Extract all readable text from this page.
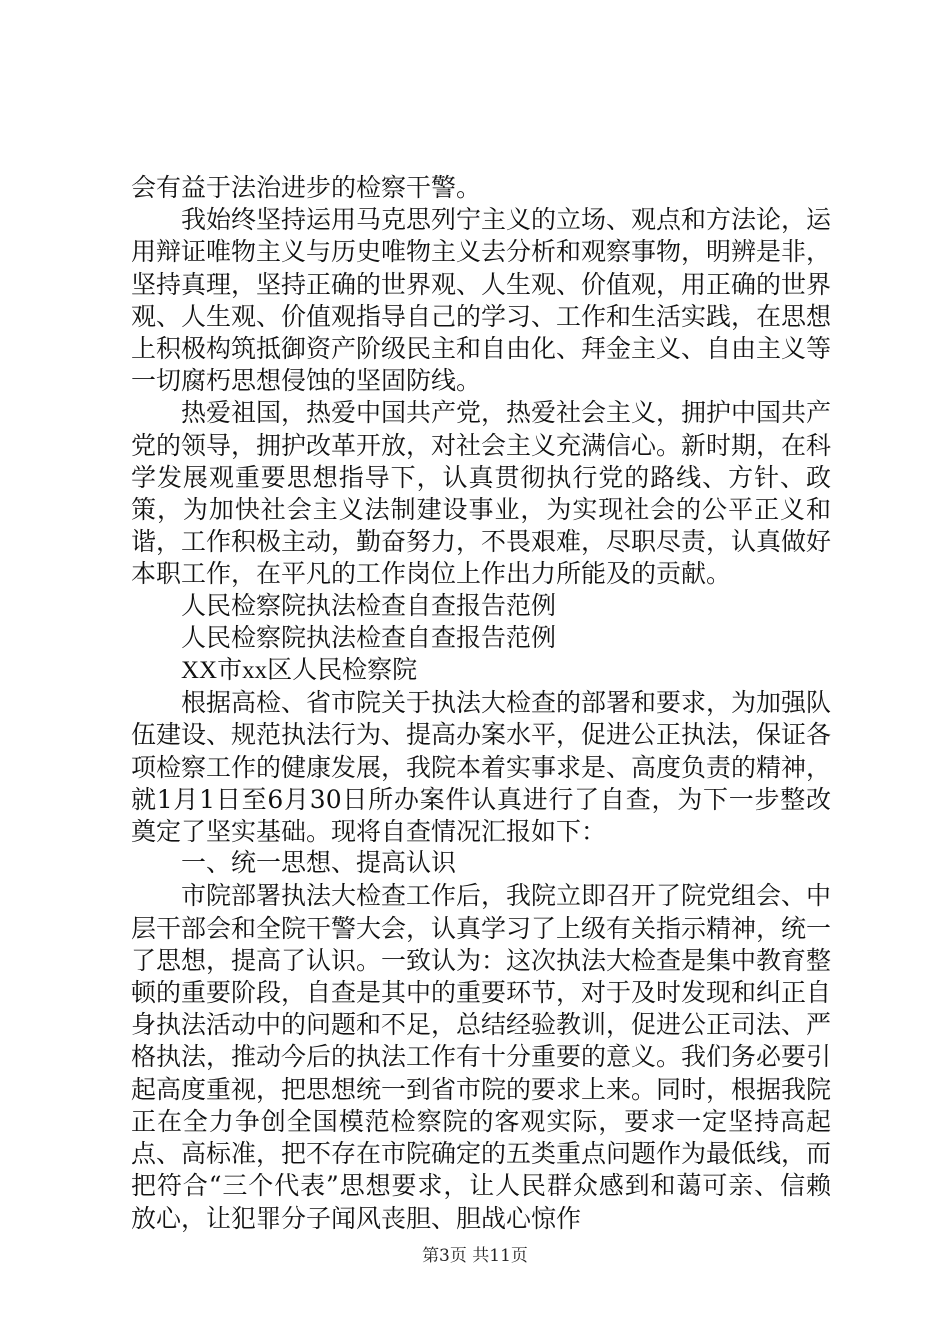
会有益于法治进步的检察干警。

我始终坚持运用马克思列宁主义的立场、观点和方法论，运用辩证唯物主义与历史唯物主义去分析和观察事物，明辨是非，坚持真理，坚持正确的世界观、人生观、价值观，用正确的世界观、人生观、价值观指导自己的学习、工作和生活实践，在思想上积极构筑抵御资产阶级民主和自由化、拜金主义、自由主义等一切腐朽思想侵蚀的坚固防线。

热爱祖国，热爱中国共产党，热爱社会主义，拥护中国共产党的领导，拥护改革开放，对社会主义充满信心。新时期，在科学发展观重要思想指导下，认真贯彻执行党的路线、方针、政策，为加快社会主义法制建设事业，为实现社会的公平正义和谐，工作积极主动，勤奋努力，不畏艰难，尽职尽责，认真做好本职工作，在平凡的工作岗位上作出力所能及的贡献。

人民检察院执法检查自查报告范例

人民检察院执法检查自查报告范例

XX市xx区人民检察院

根据高检、省市院关于执法大检查的部署和要求，为加强队伍建设、规范执法行为、提高办案水平，促进公正执法，保证各项检察工作的健康发展，我院本着实事求是、高度负责的精神，就1月1日至6月30日所办案件认真进行了自查，为下一步整改奠定了坚实基础。现将自查情况汇报如下：

一、统一思想、提高认识

市院部署执法大检查工作后，我院立即召开了院党组会、中层干部会和全院干警大会，认真学习了上级有关指示精神，统一了思想，提高了认识。一致认为：这次执法大检查是集中教育整顿的重要阶段，自查是其中的重要环节，对于及时发现和纠正自身执法活动中的问题和不足，总结经验教训，促进公正司法、严格执法，推动今后的执法工作有十分重要的意义。我们务必要引起高度重视，把思想统一到省市院的要求上来。同时，根据我院正在全力争创全国模范检察院的客观实际，要求一定坚持高起点、高标准，把不存在市院确定的五类重点问题作为最低线，而把符合“三个代表”思想要求，让人民群众感到和蔼可亲、信赖放心，让犯罪分子闻风丧胆、胆战心惊作

第3页 共11页
